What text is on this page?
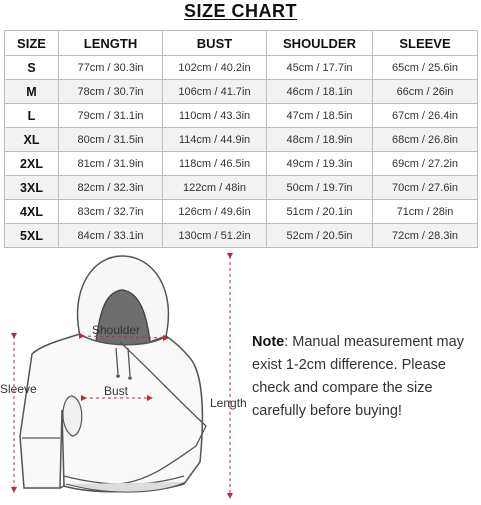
SIZE CHART
SIZE	LENGTH	BUST	SHOULDER	SLEEVE
S	77cm / 30.3in	102cm / 40.2in	45cm / 17.7in	65cm / 25.6in
M	78cm / 30.7in	106cm / 41.7in	46cm / 18.1in	66cm / 26in
L	79cm / 31.1in	110cm / 43.3in	47cm / 18.5in	67cm / 26.4in
XL	80cm / 31.5in	114cm / 44.9in	48cm / 18.9in	68cm / 26.8in
2XL	81cm / 31.9in	118cm / 46.5in	49cm / 19.3in	69cm / 27.2in
3XL	82cm / 32.3in	122cm / 48in	50cm / 19.7in	70cm / 27.6in
4XL	83cm / 32.7in	126cm / 49.6in	51cm / 20.1in	71cm / 28in
5XL	84cm / 33.1in	130cm / 51.2in	52cm / 20.5in	72cm / 28.3in
Shoulder
Sleeve	Bust
Length
Note: Manual measurement may exist 1-2cm difference. Please check and compare the size carefully before buying!
